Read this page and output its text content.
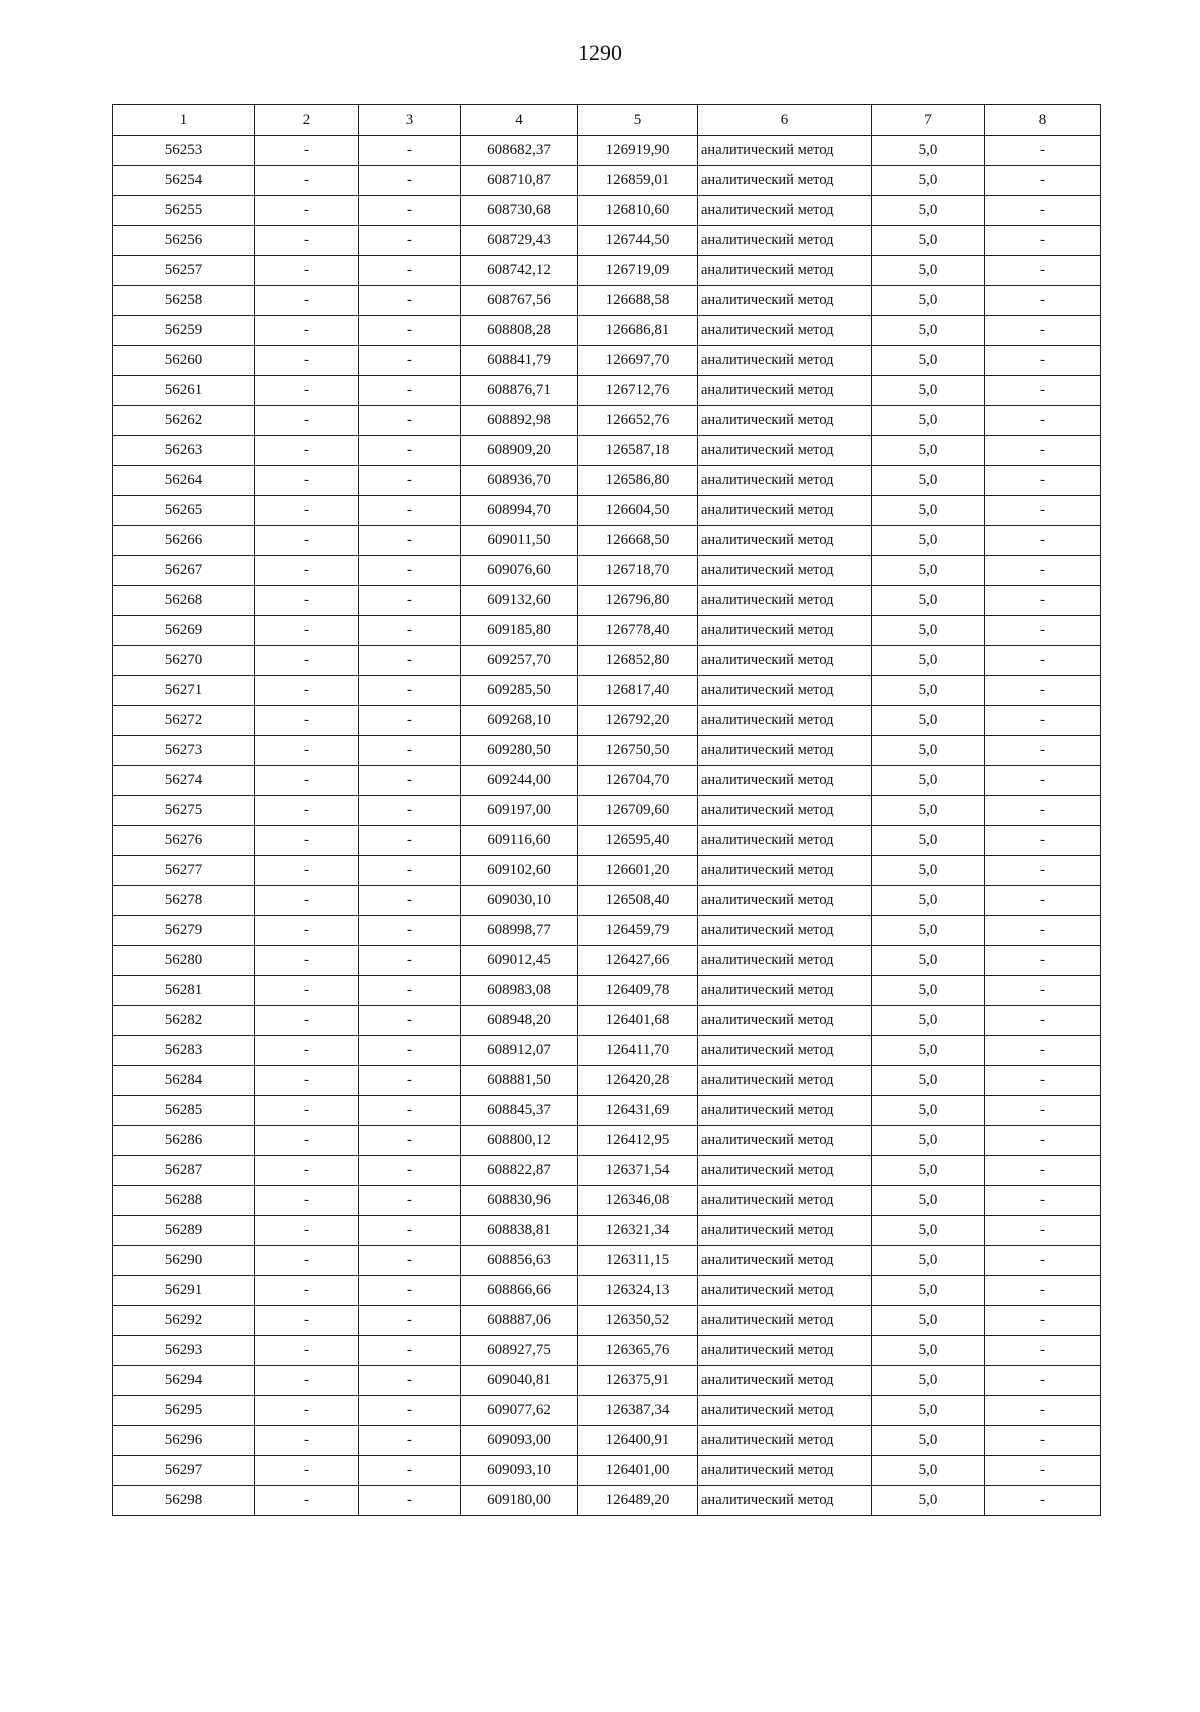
1290
1	2	3	4	5	6	7	8
56253	-	-	608682,37	126919,90	аналитический метод	5,0	-
56254	-	-	608710,87	126859,01	аналитический метод	5,0	-
56255	-	-	608730,68	126810,60	аналитический метод	5,0	-
56256	-	-	608729,43	126744,50	аналитический метод	5,0	-
56257	-	-	608742,12	126719,09	аналитический метод	5,0	-
56258	-	-	608767,56	126688,58	аналитический метод	5,0	-
56259	-	-	608808,28	126686,81	аналитический метод	5,0	-
56260	-	-	608841,79	126697,70	аналитический метод	5,0	-
56261	-	-	608876,71	126712,76	аналитический метод	5,0	-
56262	-	-	608892,98	126652,76	аналитический метод	5,0	-
56263	-	-	608909,20	126587,18	аналитический метод	5,0	-
56264	-	-	608936,70	126586,80	аналитический метод	5,0	-
56265	-	-	608994,70	126604,50	аналитический метод	5,0	-
56266	-	-	609011,50	126668,50	аналитический метод	5,0	-
56267	-	-	609076,60	126718,70	аналитический метод	5,0	-
56268	-	-	609132,60	126796,80	аналитический метод	5,0	-
56269	-	-	609185,80	126778,40	аналитический метод	5,0	-
56270	-	-	609257,70	126852,80	аналитический метод	5,0	-
56271	-	-	609285,50	126817,40	аналитический метод	5,0	-
56272	-	-	609268,10	126792,20	аналитический метод	5,0	-
56273	-	-	609280,50	126750,50	аналитический метод	5,0	-
56274	-	-	609244,00	126704,70	аналитический метод	5,0	-
56275	-	-	609197,00	126709,60	аналитический метод	5,0	-
56276	-	-	609116,60	126595,40	аналитический метод	5,0	-
56277	-	-	609102,60	126601,20	аналитический метод	5,0	-
56278	-	-	609030,10	126508,40	аналитический метод	5,0	-
56279	-	-	608998,77	126459,79	аналитический метод	5,0	-
56280	-	-	609012,45	126427,66	аналитический метод	5,0	-
56281	-	-	608983,08	126409,78	аналитический метод	5,0	-
56282	-	-	608948,20	126401,68	аналитический метод	5,0	-
56283	-	-	608912,07	126411,70	аналитический метод	5,0	-
56284	-	-	608881,50	126420,28	аналитический метод	5,0	-
56285	-	-	608845,37	126431,69	аналитический метод	5,0	-
56286	-	-	608800,12	126412,95	аналитический метод	5,0	-
56287	-	-	608822,87	126371,54	аналитический метод	5,0	-
56288	-	-	608830,96	126346,08	аналитический метод	5,0	-
56289	-	-	608838,81	126321,34	аналитический метод	5,0	-
56290	-	-	608856,63	126311,15	аналитический метод	5,0	-
56291	-	-	608866,66	126324,13	аналитический метод	5,0	-
56292	-	-	608887,06	126350,52	аналитический метод	5,0	-
56293	-	-	608927,75	126365,76	аналитический метод	5,0	-
56294	-	-	609040,81	126375,91	аналитический метод	5,0	-
56295	-	-	609077,62	126387,34	аналитический метод	5,0	-
56296	-	-	609093,00	126400,91	аналитический метод	5,0	-
56297	-	-	609093,10	126401,00	аналитический метод	5,0	-
56298	-	-	609180,00	126489,20	аналитический метод	5,0	-
